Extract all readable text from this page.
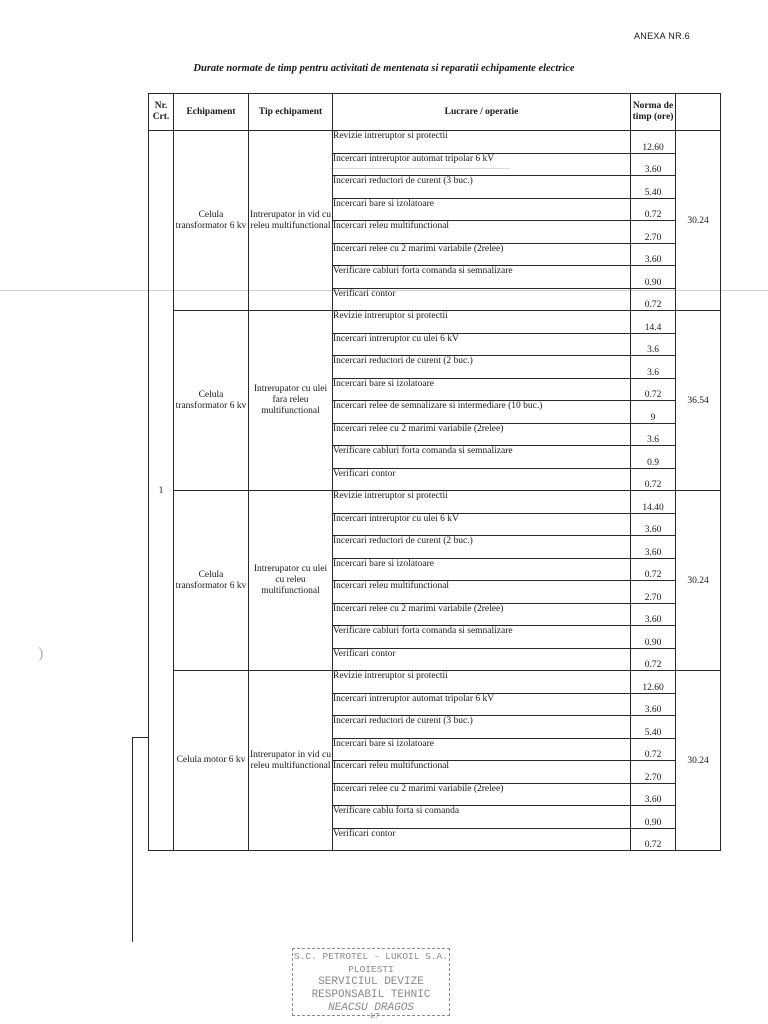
ANEXA NR.6
Durate normate de timp pentru activitati de mentenata si reparatii echipamente electrice
)
Nr. Crt.	Echipament	Tip echipament	Lucrare / operatie	Norma de timp (ore)	
1	Celula transformator 6 kv	Intrerupator in vid cu releu multifunctional	Revizie intreruptor si protectii	12.60	30.24
			Incercari intreruptor automat tripolar 6 kV	3.60	
			Incercari reductori de curent (3 buc.)	5.40	
			Incercari bare si izolatoare	0.72	
			Incercari releu multifunctional	2.70	
			Incercari relee cu 2 marimi variabile (2relee)	3.60	
			Verificare cabluri forta comanda si semnalizare	0.90	
			Verificari contor	0.72	
	Celula transformator 6 kv	Intrerupator cu ulei fara releu multifunctional	Revizie intreruptor si protectii	14.4	36.54
			Incercari intreruptor cu ulei 6 kV	3.6	
			Incercari reductori de curent (2 buc.)	3.6	
			Incercari bare si izolatoare	0.72	
			Incercari relee de semnalizare si intermediare (10 buc.)	9	
			Incercari relee cu 2 marimi variabile (2relee)	3.6	
			Verificare cabluri forta comanda si semnalizare	0.9	
			Verificari contor	0.72	
	Celula transformator 6 kv	Intrerupator cu ulei cu releu multifunctional	Revizie intreruptor si protectii	14.40	30.24
			Incercari intreruptor cu ulei 6 kV	3.60	
			Incercari reductori de curent (2 buc.)	3.60	
			Incercari bare si izolatoare	0.72	
			Incercari releu multifunctional	2.70	
			Incercari relee cu 2 marimi variabile (2relee)	3.60	
			Verificare cabluri forta comanda si semnalizare	0.90	
			Verificari contor	0.72	
	Celula motor 6 kv	Intrerupator in vid cu releu multifunctional	Revizie intreruptor si protectii	12.60	30.24
			Incercari intreruptor automat tripolar 6 kV	3.60	
			Incercari reductori de curent (3 buc.)	5.40	
			Incercari bare si izolatoare	0.72	
			Incercari releu multifunctional	2.70	
			Incercari relee cu 2 marimi variabile (2relee)	3.60	
			Verificare cablu forta si comanda	0.90	
			Verificari contor	0.72	
S.C. PETROTEL - LUKOIL S.A. PLOIESTI
SERVICIUL DEVIZE
RESPONSABIL TEHNIC
NEACSU DRAGOS
1/7
